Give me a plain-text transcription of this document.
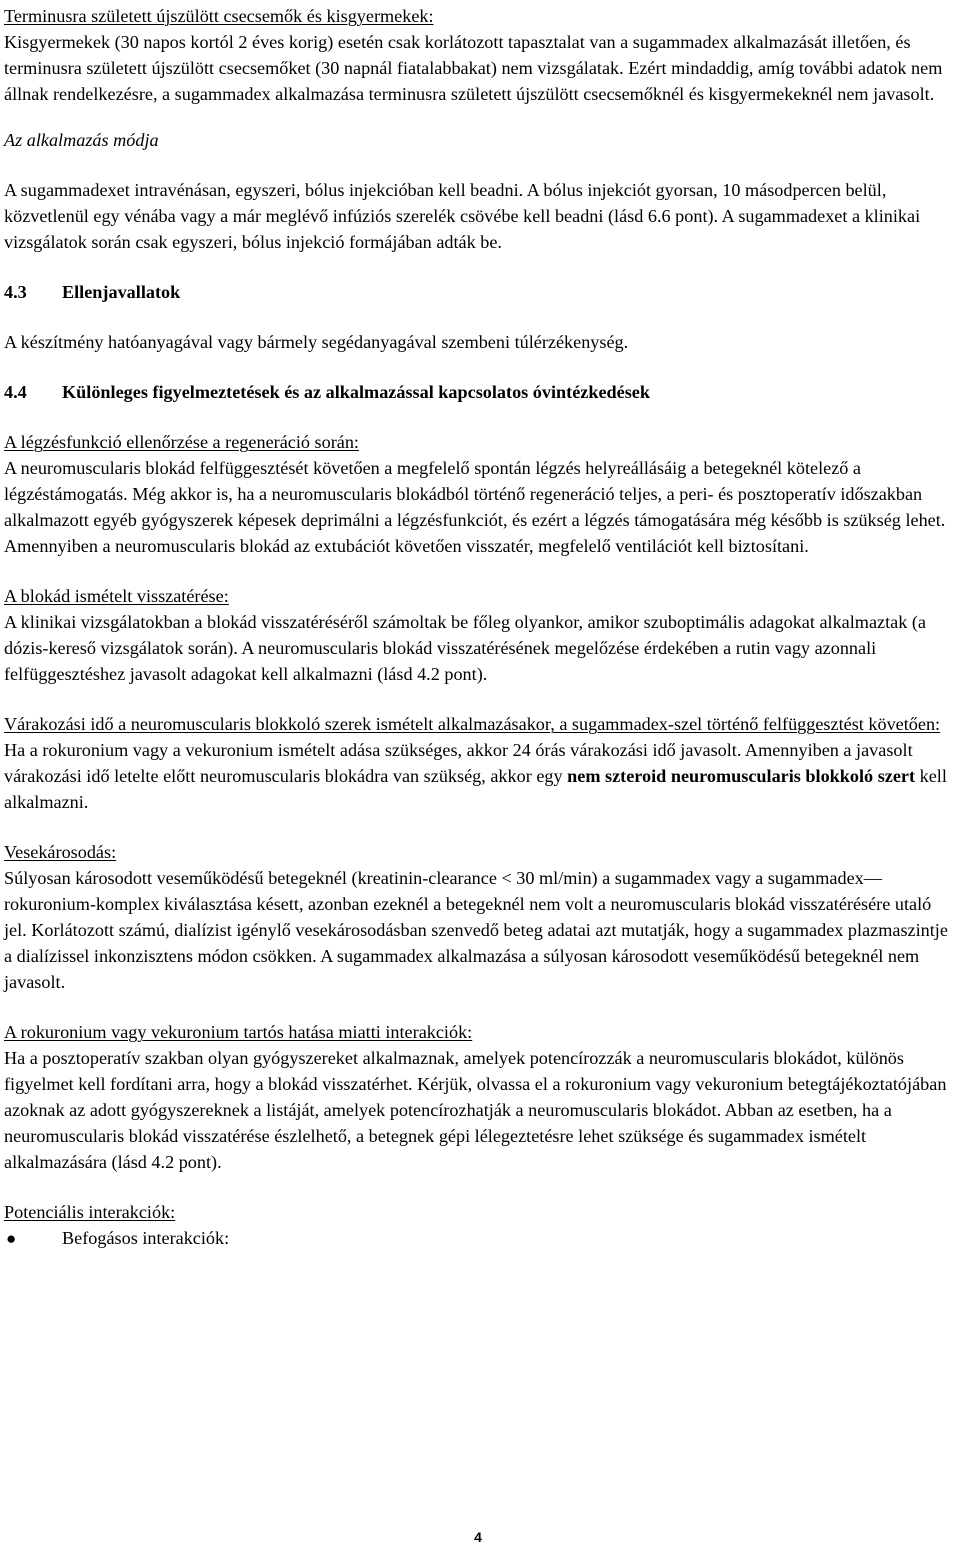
Terminusra született újszülött csecsemők és kisgyermekek:

Kisgyermekek (30 napos kortól 2 éves korig) esetén csak korlátozott tapasztalat van a sugammadex alkalmazását illetően, és terminusra született újszülött csecsemőket (30 napnál fiatalabbakat) nem vizsgálatak. Ezért mindaddig, amíg további adatok nem állnak rendelkezésre, a sugammadex alkalmazása terminusra született újszülött csecsemőknél és kisgyermekeknél nem javasolt.

Az alkalmazás módja

A sugammadexet intravénásan, egyszeri, bólus injekcióban kell beadni. A bólus injekciót gyorsan, 10 másodpercen belül, közvetlenül egy vénába vagy a már meglévő infúziós szerelék csövébe kell beadni (lásd 6.6 pont). A sugammadexet a klinikai vizsgálatok során csak egyszeri, bólus injekció formájában adták be.

4.3	Ellenjavallatok

A készítmény hatóanyagával vagy bármely segédanyagával szembeni túlérzékenység.

4.4	Különleges figyelmeztetések és az alkalmazással kapcsolatos óvintézkedések

A légzésfunkció ellenőrzése a regeneráció során:

A neuromuscularis blokád felfüggesztését követően a megfelelő spontán légzés helyreállásáig a betegeknél kötelező a légzéstámogatás. Még akkor is, ha a neuromuscularis blokádból történő regeneráció teljes, a peri- és posztoperatív időszakban alkalmazott egyéb gyógyszerek képesek deprimálni a légzésfunkciót, és ezért a légzés támogatására még később is szükség lehet. Amennyiben a neuromuscularis blokád az extubációt követően visszatér, megfelelő ventilációt kell biztosítani.

A blokád ismételt visszatérése:

A klinikai vizsgálatokban a blokád visszatéréséről számoltak be főleg olyankor, amikor szuboptimális adagokat alkalmaztak (a dózis-kereső vizsgálatok során). A neuromuscularis blokád visszatérésének megelőzése érdekében a rutin vagy azonnali felfüggesztéshez javasolt adagokat kell alkalmazni (lásd 4.2 pont).

Várakozási idő a neuromuscularis blokkoló szerek ismételt alkalmazásakor, a sugammadex-szel történő felfüggesztést követően:

Ha a rokuronium vagy a vekuronium ismételt adása szükséges, akkor 24 órás várakozási idő javasolt. Amennyiben a javasolt várakozási idő letelte előtt neuromuscularis blokádra van szükség, akkor egy nem szteroid neuromuscularis blokkoló szert kell alkalmazni.

Vesekárosodás:

Súlyosan károsodott veseműködésű betegeknél (kreatinin-clearance < 30 ml/min) a sugammadex vagy a sugammadex—rokuronium-komplex kiválasztása késett, azonban ezeknél a betegeknél nem volt a neuromuscularis blokád visszatérésére utaló jel. Korlátozott számú, dialízist igénylő vesekárosodásban szenvedő beteg adatai azt mutatják, hogy a sugammadex plazmaszintje a dialízissel inkonzisztens módon csökken. A sugammadex alkalmazása a súlyosan károsodott veseműködésű betegeknél nem javasolt.

A rokuronium vagy vekuronium tartós hatása miatti interakciók:

Ha a posztoperatív szakban olyan gyógyszereket alkalmaznak, amelyek potencírozzák a neuromuscularis blokádot, különös figyelmet kell fordítani arra, hogy a blokád visszatérhet. Kérjük, olvassa el a rokuronium vagy vekuronium betegtájékoztatójában azoknak az adott gyógyszereknek a listáját, amelyek potencírozhatják a neuromuscularis blokádot. Abban az esetben, ha a neuromuscularis blokád visszatérése észlelhető, a betegnek gépi lélegeztetésre lehet szüksége és sugammadex ismételt alkalmazására (lásd 4.2 pont).

Potenciális interakciók:

●	Befogásos interakciók:

4
